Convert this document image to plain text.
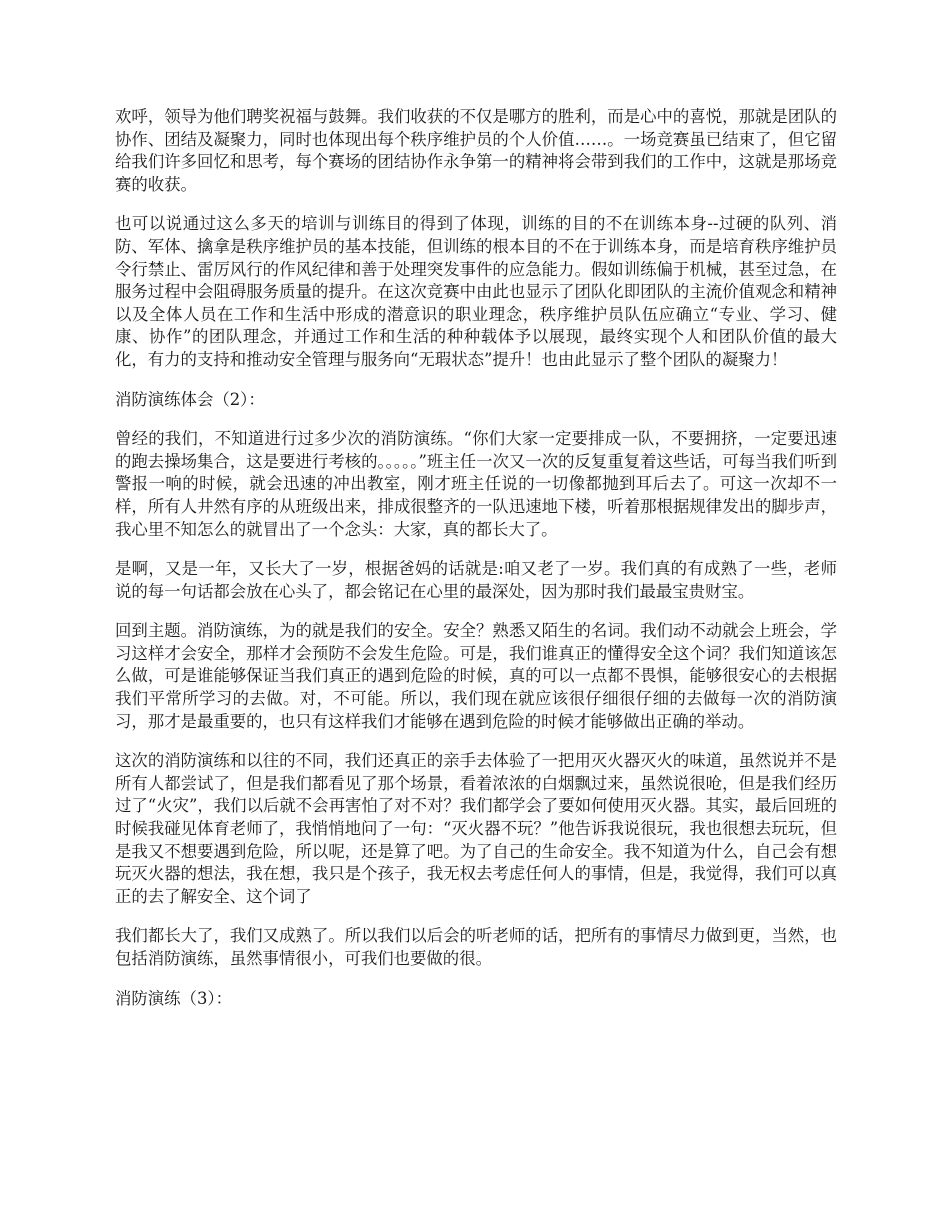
欢呼，领导为他们聘奖祝福与鼓舞。我们收获的不仅是哪方的胜利，而是心中的喜悦，那就是团队的协作、团结及凝聚力，同时也体现出每个秩序维护员的个人价值……。一场竞赛虽已结束了，但它留给我们许多回忆和思考，每个赛场的团结协作永争第一的精神将会带到我们的工作中，这就是那场竞赛的收获。

也可以说通过这么多天的培训与训练目的得到了体现，训练的目的不在训练本身--过硬的队列、消防、军体、擒拿是秩序维护员的基本技能，但训练的根本目的不在于训练本身，而是培育秩序维护员令行禁止、雷厉风行的作风纪律和善于处理突发事件的应急能力。假如训练偏于机械，甚至过急，在服务过程中会阻碍服务质量的提升。在这次竞赛中由此也显示了团队化即团队的主流价值观念和精神以及全体人员在工作和生活中形成的潜意识的职业理念，秩序维护员队伍应确立“专业、学习、健康、协作”的团队理念，并通过工作和生活的种种载体予以展现，最终实现个人和团队价值的最大化，有力的支持和推动安全管理与服务向“无瑕状态”提升！也由此显示了整个团队的凝聚力！

消防演练体会（2）：

曾经的我们，不知道进行过多少次的消防演练。“你们大家一定要排成一队，不要拥挤，一定要迅速的跑去操场集合，这是要进行考核的。。。。。”班主任一次又一次的反复重复着这些话，可每当我们听到警报一响的时候，就会迅速的冲出教室，刚才班主任说的一切像都抛到耳后去了。可这一次却不一样，所有人井然有序的从班级出来，排成很整齐的一队迅速地下楼，听着那根据规律发出的脚步声，我心里不知怎么的就冒出了一个念头：大家，真的都长大了。

是啊，又是一年，又长大了一岁，根据爸妈的话就是:咱又老了一岁。我们真的有成熟了一些，老师说的每一句话都会放在心头了，都会铭记在心里的最深处，因为那时我们最最宝贵财宝。

回到主题。消防演练，为的就是我们的安全。安全？熟悉又陌生的名词。我们动不动就会上班会，学习这样才会安全，那样才会预防不会发生危险。可是，我们谁真正的懂得安全这个词？我们知道该怎么做，可是谁能够保证当我们真正的遇到危险的时候，真的可以一点都不畏惧，能够很安心的去根据我们平常所学习的去做。对，不可能。所以，我们现在就应该很仔细很仔细的去做每一次的消防演习，那才是最重要的，也只有这样我们才能够在遇到危险的时候才能够做出正确的举动。

这次的消防演练和以往的不同，我们还真正的亲手去体验了一把用灭火器灭火的味道，虽然说并不是所有人都尝试了，但是我们都看见了那个场景，看着浓浓的白烟飘过来，虽然说很呛，但是我们经历过了“火灾”，我们以后就不会再害怕了对不对？我们都学会了要如何使用灭火器。其实，最后回班的时候我碰见体育老师了，我悄悄地问了一句：“灭火器不玩？”他告诉我说很玩，我也很想去玩玩，但是我又不想要遇到危险，所以呢，还是算了吧。为了自己的生命安全。我不知道为什么，自己会有想玩灭火器的想法，我在想，我只是个孩子，我无权去考虑任何人的事情，但是，我觉得，我们可以真正的去了解安全、这个词了

我们都长大了，我们又成熟了。所以我们以后会的听老师的话，把所有的事情尽力做到更，当然，也包括消防演练，虽然事情很小，可我们也要做的很。

消防演练（3）：
